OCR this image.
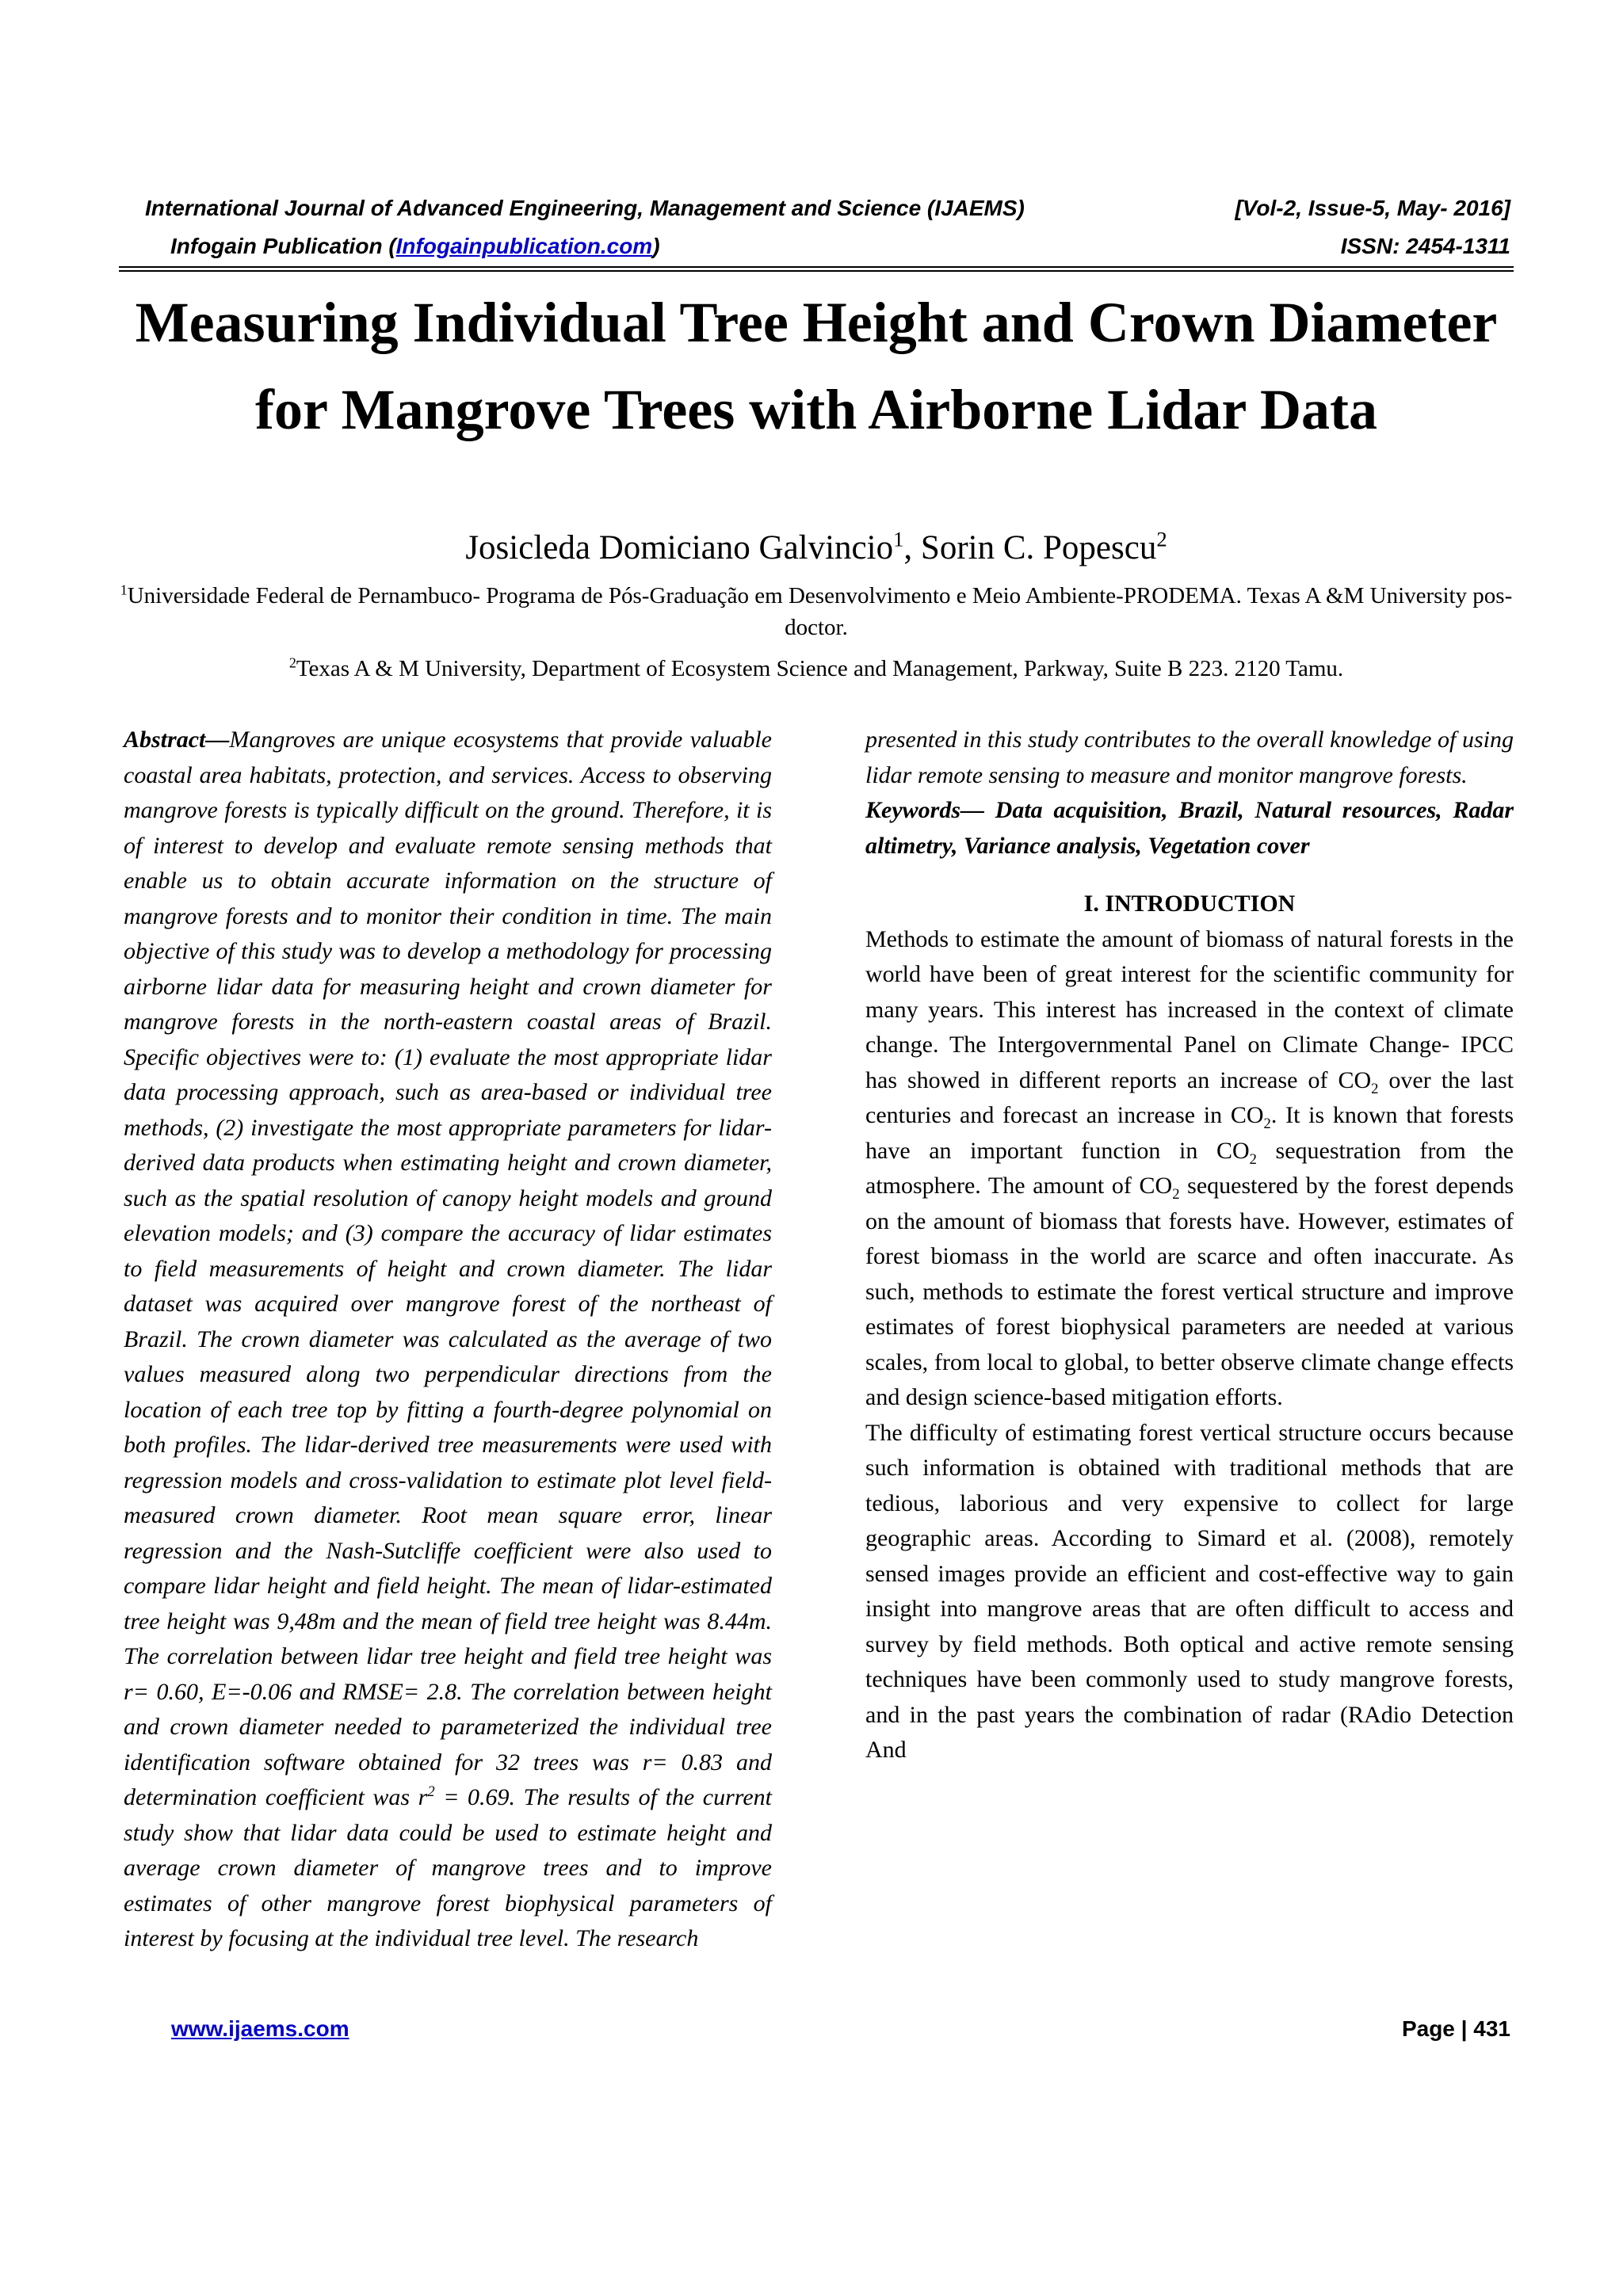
International Journal of Advanced Engineering, Management and Science (IJAEMS)	[Vol-2, Issue-5, May- 2016]
Infogain Publication (Infogainpublication.com)	ISSN: 2454-1311
Measuring Individual Tree Height and Crown Diameter for Mangrove Trees with Airborne Lidar Data
Josicleda Domiciano Galvincio$^1$, Sorin C. Popescu$^2$
$^1$Universidade Federal de Pernambuco- Programa de Pós-Graduação em Desenvolvimento e Meio Ambiente-PRODEMA. Texas A &M University pos-doctor.
$^2$Texas A & M University, Department of Ecosystem Science and Management, Parkway, Suite B 223. 2120 Tamu.

Abstract—Mangroves are unique ecosystems that provide valuable coastal area habitats, protection, and services. Access to observing mangrove forests is typically difficult on the ground. Therefore, it is of interest to develop and evaluate remote sensing methods that enable us to obtain accurate information on the structure of mangrove forests and to monitor their condition in time. The main objective of this study was to develop a methodology for processing airborne lidar data for measuring height and crown diameter for mangrove forests in the north-eastern coastal areas of Brazil. Specific objectives were to: (1) evaluate the most appropriate lidar data processing approach, such as area-based or individual tree methods, (2) investigate the most appropriate parameters for lidar-derived data products when estimating height and crown diameter, such as the spatial resolution of canopy height models and ground elevation models; and (3) compare the accuracy of lidar estimates to field measurements of height and crown diameter. The lidar dataset was acquired over mangrove forest of the northeast of Brazil. The crown diameter was calculated as the average of two values measured along two perpendicular directions from the location of each tree top by fitting a fourth-degree polynomial on both profiles. The lidar-derived tree measurements were used with regression models and cross-validation to estimate plot level field-measured crown diameter. Root mean square error, linear regression and the Nash-Sutcliffe coefficient were also used to compare lidar height and field height. The mean of lidar-estimated tree height was 9,48m and the mean of field tree height was 8.44m. The correlation between lidar tree height and field tree height was r= 0.60, E=-0.06 and RMSE= 2.8. The correlation between height and crown diameter needed to parameterized the individual tree identification software obtained for 32 trees was r= 0.83 and determination coefficient was $r^2 = 0.69$. The results of the current study show that lidar data could be used to estimate height and average crown diameter of mangrove trees and to improve estimates of other mangrove forest biophysical parameters of interest by focusing at the individual tree level. The research

presented in this study contributes to the overall knowledge of using lidar remote sensing to measure and monitor mangrove forests.

Keywords— Data acquisition, Brazil, Natural resources, Radar altimetry, Variance analysis, Vegetation cover

I. INTRODUCTION

Methods to estimate the amount of biomass of natural forests in the world have been of great interest for the scientific community for many years. This interest has increased in the context of climate change. The Intergovernmental Panel on Climate Change- IPCC has showed in different reports an increase of $CO_2$ over the last centuries and forecast an increase in $CO_2$. It is known that forests have an important function in $CO_2$ sequestration from the atmosphere. The amount of $CO_2$ sequestered by the forest depends on the amount of biomass that forests have. However, estimates of forest biomass in the world are scarce and often inaccurate. As such, methods to estimate the forest vertical structure and improve estimates of forest biophysical parameters are needed at various scales, from local to global, to better observe climate change effects and design science-based mitigation efforts.

The difficulty of estimating forest vertical structure occurs because such information is obtained with traditional methods that are tedious, laborious and very expensive to collect for large geographic areas. According to Simard et al. (2008), remotely sensed images provide an efficient and cost-effective way to gain insight into mangrove areas that are often difficult to access and survey by field methods. Both optical and active remote sensing techniques have been commonly used to study mangrove forests, and in the past years the combination of radar (RAdio Detection And

www.ijaems.com	Page | 431
